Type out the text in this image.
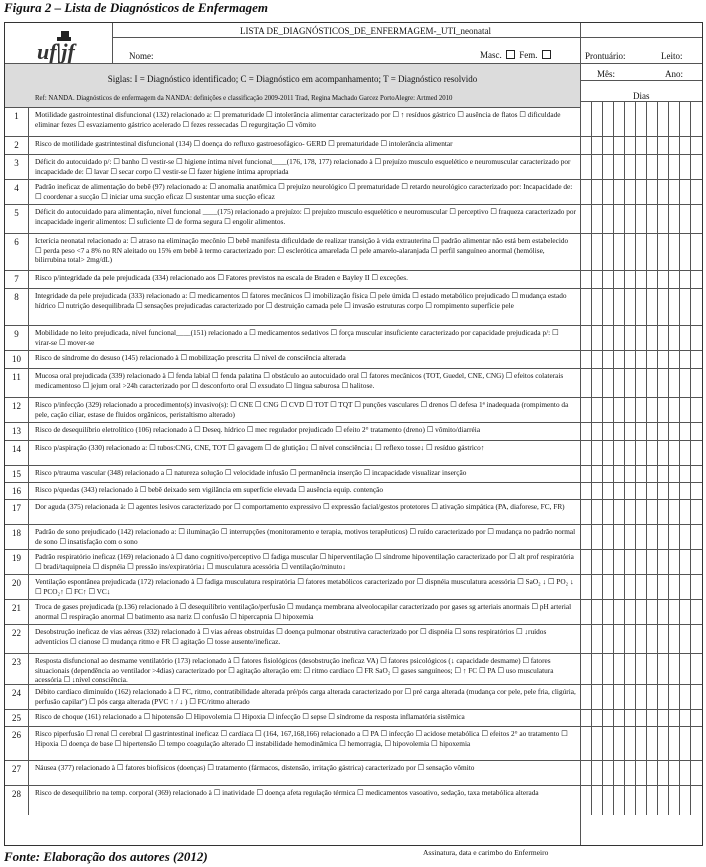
Figura 2 – Lista de Diagnósticos de Enfermagem
uf|jf
LISTA DE_DIAGNÓSTICOS_DE_ENFERMAGEM-_UTI_neonatal
Nome:	Masc. Fem.	Prontuário:	Leito:
Mês:	Ano:
Dias
Siglas: I = Diagnóstico identificado; C = Diagnóstico em acompanhamento; T = Diagnóstico resolvido
Ref: NANDA. Diagnósticos de enfermagem da NANDA: definições e classificação 2009-2011 Trad, Regina Machado Garcez PortoAlegre: Artmed 2010
1	Motilidade gastrointestinal disfuncional (132) relacionado a: ☐ prematuridade ☐ intolerância alimentar caracterizado por ☐ ↑ resíduos gástrico ☐ ausência de flatos ☐ dificuldade eliminar fezes ☐ esvaziamento gástrico acelerado ☐ fezes ressecadas ☐ regurgitação ☐ vômito
2	Risco de motilidade gastrintestinal disfuncional (134) ☐ doença do refluxo gastroesofágico- GERD ☐ prematuridade ☐ intolerância alimentar
3	Déficit do autocuidado p/: ☐ banho ☐ vestir-se ☐ higiene íntima nível funcional____(176, 178, 177) relacionado à ☐ prejuízo musculo esquelético e neuromuscular caracterizado por incapacidade de: ☐ lavar ☐ secar corpo ☐ vestir-se ☐ fazer higiene íntima apropriada
4	Padrão ineficaz de alimentação do bebê (97) relacionado a: ☐ anomalia anatômica ☐ prejuízo neurológico ☐ prematuridade ☐ retardo neurológico caracterizado por: Incapacidade de: ☐ coordenar a sucção ☐ iniciar uma sucção eficaz ☐ sustentar uma sucção eficaz
5	Déficit do autocuidado para alimentação, nível funcional ____(175) relacionado a prejuízo: ☐ prejuízo musculo esquelético e neuromuscular ☐ perceptivo ☐ fraqueza caracterizado por incapacidade ingerir alimentos: ☐ suficiente ☐ de forma segura ☐ engolir alimentos.
6	Icterícia neonatal relacionado a: ☐ atraso na eliminação mecônio ☐ bebê manifesta dificuldade de realizar transição à vida extrauterina ☐ padrão alimentar não está bem estabelecido ☐ perda peso <7 a 8% no RN aleitado ou 15% em bebê à termo caracterizado por: ☐ esclerótica amarelada ☐ pele amarelo-alaranjada ☐ perfil sanguíneo anormal (hemólise, bilirrubina total> 2mg/dL)
7	Risco p/integridade da pele prejudicada (334) relacionado aos ☐ Fatores previstos na escala de Braden e Bayley II ☐ exceções.
8	Integridade da pele prejudicada (333) relacionado a: ☐ medicamentos ☐ fatores mecânicos ☐ imobilização física ☐ pele úmida ☐ estado metabólico prejudicado ☐ mudança estado hídrico ☐ nutrição desequilibrada ☐ sensações prejudicadas caracterizado por ☐ destruição camada pele ☐ invasão estruturas corpo ☐ rompimento superfície pele
9	Mobilidade no leito prejudicada, nível funcional____(151) relacionado a ☐ medicamentos sedativos ☐ força muscular insuficiente caracterizado por capacidade prejudicada p/: ☐ virar-se ☐ mover-se
10	Risco de síndrome do desuso (145) relacionado à ☐ mobilização prescrita ☐ nível de consciência alterada
11	Mucosa oral prejudicada (339) relacionado à ☐ fenda labial ☐ fenda palatina ☐ obstáculo ao autocuidado oral ☐ fatores mecânicos (TOT, Guedel, CNE, CNG) ☐ efeitos colaterais medicamentoso ☐ jejum oral >24h caracterizado por ☐ desconforto oral ☐ exsudato ☐ língua saburosa ☐ halitose.
12	Risco p/infecção (329) relacionado a procedimento(s) invasivo(s): ☐ CNE ☐ CNG ☐ CVD ☐ TOT ☐ TQT ☐ punções vasculares ☐ drenos ☐ defesa 1ª inadequada (rompimento da pele, cação ciliar, estase de fluidos orgânicos, peristaltismo alterado)
13	Risco de desequilíbrio eletrolítico (106) relacionado à ☐ Deseq. hídrico ☐ mec regulador prejudicado ☐ efeito 2° tratamento (dreno) ☐ vômito/diarréia
14	Risco p/aspiração (330) relacionado a: ☐ tubos:CNG, CNE, TOT ☐ gavagem ☐ de glutição↓ ☐ nível consciência↓ ☐ reflexo tosse↓ ☐ resíduo gástrico↑
15	Risco p/trauma vascular (348) relacionado a ☐ natureza solução ☐ velocidade infusão ☐ permanência inserção ☐ incapacidade visualizar inserção
16	Risco p/quedas (343) relacionado à ☐ bebê deixado sem vigilância em superfície elevada ☐ ausência equip. contenção
17	Dor aguda (375) relacionada à: ☐ agentes lesivos caracterizado por ☐ comportamento expressivo ☐ expressão facial/gestos protetores ☐ ativação simpática (PA, diaforese, FC, FR)
18	Padrão de sono prejudicado (142) relacionado a: ☐ iluminação ☐ interrupções (monitoramento e terapia, motivos terapêuticos) ☐ ruído caracterizado por ☐ mudança no padrão normal de sono ☐ insatisfação com o sono
19	Padrão respiratório ineficaz (169) relacionado à ☐ dano cognitivo/perceptivo ☐ fadiga muscular ☐ hiperventilação ☐ síndrome hipoventilação caracterizado por ☐ alt prof respiratória ☐ bradi/taquipneia ☐ dispnéia ☐ pressão ins/expiratória↓ ☐ musculatura acessória ☐ ventilação/minuto↓
20	Ventilação espontânea prejudicada (172) relacionado à ☐ fadiga musculatura respiratória ☐ fatores metabólicos caracterizado por ☐ dispnéia musculatura acessória ☐ SaO₂ ↓ ☐ PO₂ ↓ ☐ PCO₂↑ ☐ FC↑ ☐ VC↓
21	Troca de gases prejudicada (p.136) relacionado à ☐ desequilíbrio ventilação/perfusão ☐ mudança membrana alveolocapilar caracterizado por gases sg arteriais anormais ☐ pH arterial anormal ☐ respiração anormal ☐ batimento asa nariz ☐ confusão ☐ hipercapnia ☐ hipoxemia
22	Desobstrução ineficaz de vias aéreas (332) relacionado à ☐ vias aéreas obstruídas ☐ doença pulmonar obstrutiva caracterizado por ☐ dispnéia ☐ sons respiratórios ☐ ↓ruídos adventícios ☐ cianose ☐ mudança ritmo e FR ☐ agitação ☐ tosse ausente/ineficaz.
23	Resposta disfuncional ao desmame ventilatório (173) relacionado à ☐ fatores fisiológicos (desobstrução ineficaz VA) ☐ fatores psicológicos (↓ capacidade desmame) ☐ fatores situacionais (dependência ao ventilador >4dias) caracterizado por ☐ agitação alteração em: ☐ ritmo cardíaco ☐ FR SaO₂ ☐ gases sanguíneos; ☐ ↑ FC ☐ PA ☐ uso musculatura acessória ☐ ↓nível consciência.
24	Débito cardíaco diminuído (162) relacionado à ☐ FC, ritmo, contratibilidade alterada pré/pós carga alterada caracterizado por ☐ pré carga alterada (mudança cor pele, pele fria, cligúria, perfusão capilar") ☐ pós carga alterada (PVC ↑ / ↓ ) ☐ FC/ritmo alterado
25	Risco de choque (161) relacionado a ☐ hipotensão ☐ Hipovolemia ☐ Hipoxia ☐ infecção ☐ sepse ☐ síndrome da resposta inflamatória sistêmica
26	Risco piperfusão ☐ renal ☐ cerebral ☐ gastrintestinal ineficaz ☐ cardíaca ☐ (164, 167,168,166) relacionado a ☐ PA ☐ infecção ☐ acidose metabólica ☐ efeitos 2° ao tratamento ☐ Hipoxia ☐ doença de base ☐ hipertensão ☐ tempo coagulação alterado ☐ instabilidade hemodinâmica ☐ hemorragia, ☐ hipovolemia ☐ hipoxemia
27	Náusea (377) relacionado à ☐ fatores biofísicos (doenças) ☐ tratamento (fármacos, distensão, irritação gástrica) caracterizado por ☐ sensação vômito
28	Risco de desequilíbrio na temp. corporal (369) relacionado à ☐ inatividade ☐ doença afeta regulação térmica ☐ medicamentos vasoativo, sedação, taxa metabólica alterada
Assinatura, data e carimbo do Enfermeiro
Fonte: Elaboração dos autores (2012)
